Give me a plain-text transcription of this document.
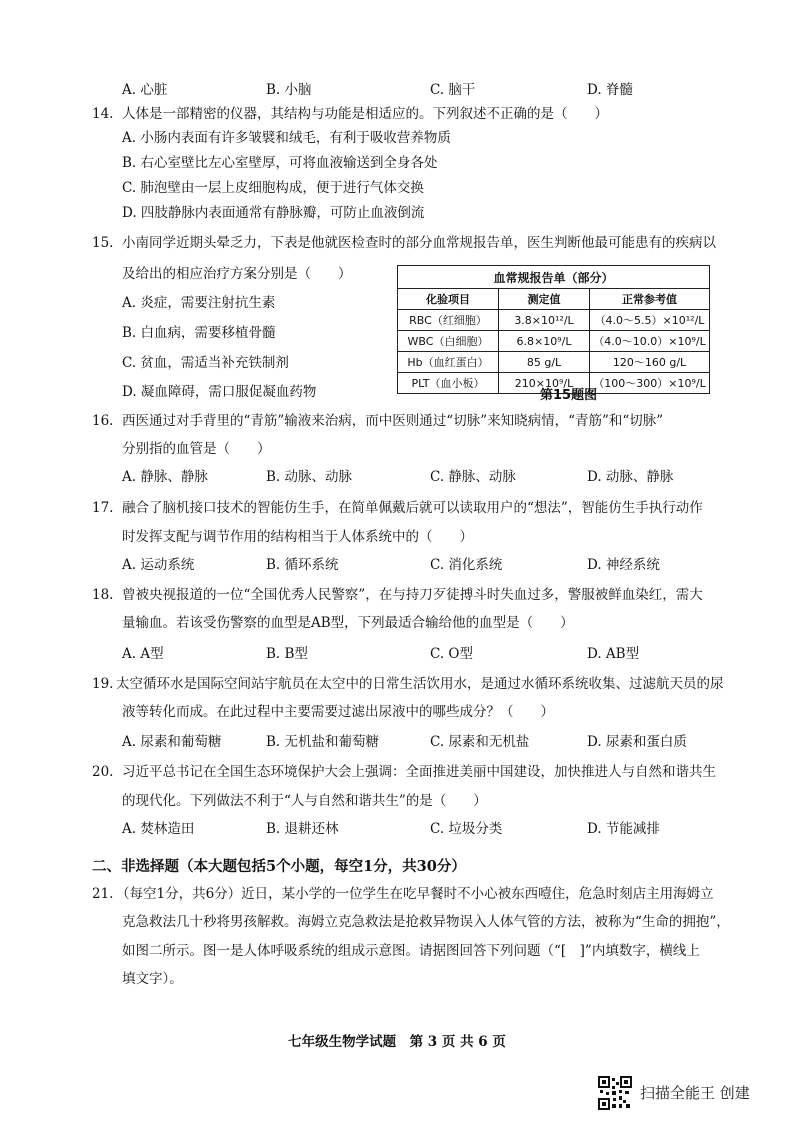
A. 心脏	B. 小脑	C. 脑干	D. 脊髓
14. 人体是一部精密的仪器，其结构与功能是相适应的。下列叙述不正确的是（　　）
A. 小肠内表面有许多皱襞和绒毛，有利于吸收营养物质
B. 右心室壁比左心室壁厚，可将血液输送到全身各处
C. 肺泡壁由一层上皮细胞构成，便于进行气体交换
D. 四肢静脉内表面通常有静脉瓣，可防止血液倒流
15. 小南同学近期头晕乏力，下表是他就医检查时的部分血常规报告单，医生判断他最可能患有的疾病以
及给出的相应治疗方案分别是（　　）
A. 炎症，需要注射抗生素
B. 白血病，需要移植骨髓
C. 贫血，需适当补充铁制剂
D. 凝血障碍，需口服促凝血药物
血常规报告单（部分）		
化验项目	测定值	正常参考值
RBC（红细胞）	3.8×10¹²/L	（4.0～5.5）×10¹²/L
WBC（白细胞）	6.8×10⁹/L	（4.0～10.0）×10⁹/L
Hb（血红蛋白）	85 g/L	120～160 g/L
PLT（血小板）	210×10⁹/L	（100～300）×10⁹/L
第15题图
16. 西医通过对手背里的“青筋”输液来治病，而中医则通过“切脉”来知晓病情，“青筋”和“切脉”
分别指的血管是（　　）
A. 静脉、静脉	B. 动脉、动脉	C. 静脉、动脉	D. 动脉、静脉
17. 融合了脑机接口技术的智能仿生手，在简单佩戴后就可以读取用户的“想法”，智能仿生手执行动作
时发挥支配与调节作用的结构相当于人体系统中的（　　）
A. 运动系统	B. 循环系统	C. 消化系统	D. 神经系统
18. 曾被央视报道的一位“全国优秀人民警察”，在与持刀歹徒搏斗时失血过多，警服被鲜血染红，需大
量输血。若该受伤警察的血型是AB型，下列最适合输给他的血型是（　　）
A. A型	B. B型	C. O型	D. AB型
19. 太空循环水是国际空间站宇航员在太空中的日常生活饮用水，是通过水循环系统收集、过滤航天员的尿
液等转化而成。在此过程中主要需要过滤出尿液中的哪些成分？（　　）
A. 尿素和葡萄糖	B. 无机盐和葡萄糖	C. 尿素和无机盐	D. 尿素和蛋白质
20. 习近平总书记在全国生态环境保护大会上强调：全面推进美丽中国建设，加快推进人与自然和谐共生
的现代化。下列做法不利于“人与自然和谐共生”的是（　　）
A. 焚林造田	B. 退耕还林	C. 垃圾分类	D. 节能减排
二、非选择题（本大题包括5个小题，每空1分，共30分）
21. （每空1分，共6分）近日，某小学的一位学生在吃早餐时不小心被东西噎住，危急时刻店主用海姆立
克急救法几十秒将男孩解救。海姆立克急救法是抢救异物误入人体气管的方法，被称为“生命的拥抱”，
如图二所示。图一是人体呼吸系统的组成示意图。请据图回答下列问题（“[　]”内填数字，横线上
填文字）。
七年级生物学试题　第 3 页 共 6 页
扫描全能王 创建
